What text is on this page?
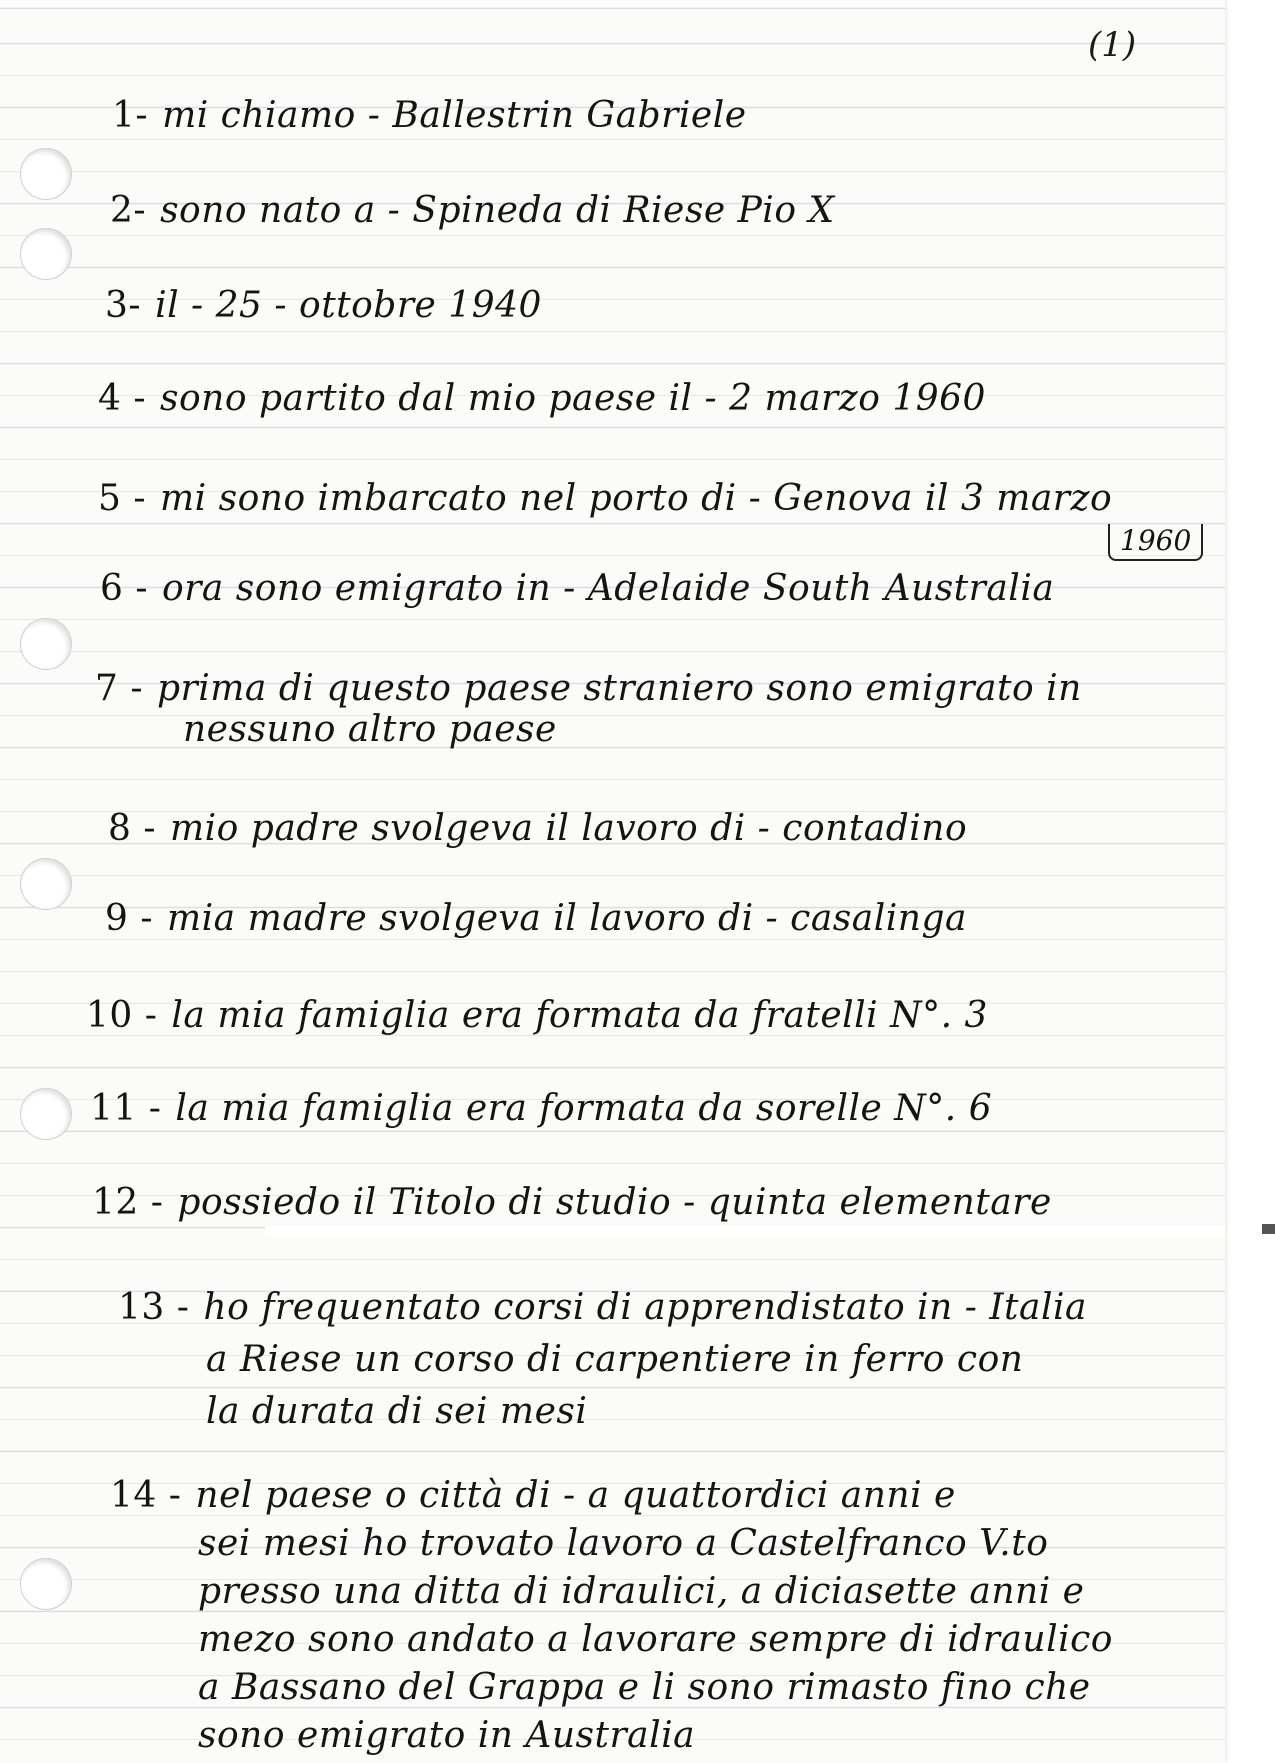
(1)
1- mi chiamo - Ballestrin Gabriele
2- sono nato a - Spineda di Riese Pio X
3- il - 25 - ottobre 1940
4 - sono partito dal mio paese il - 2 marzo 1960
5 - mi sono imbarcato nel porto di - Genova il 3 marzo
1960
6 - ora sono emigrato in - Adelaide South Australia
7 - prima di questo paese straniero sono emigrato in
nessuno altro paese
8 - mio padre svolgeva il lavoro di - contadino
9 - mia madre svolgeva il lavoro di - casalinga
10 - la mia famiglia era formata da fratelli N°. 3
11 - la mia famiglia era formata da sorelle N°. 6
12 - possiedo il Titolo di studio - quinta elementare
13 - ho frequentato corsi di apprendistato in - Italia
a Riese un corso di carpentiere in ferro con
la durata di sei mesi
14 - nel paese o città di - a quattordici anni e
sei mesi ho trovato lavoro a Castelfranco V.to
presso una ditta di idraulici, a diciasette anni e
mezo sono andato a lavorare sempre di idraulico
a Bassano del Grappa e li sono rimasto fino che
sono emigrato in Australia
